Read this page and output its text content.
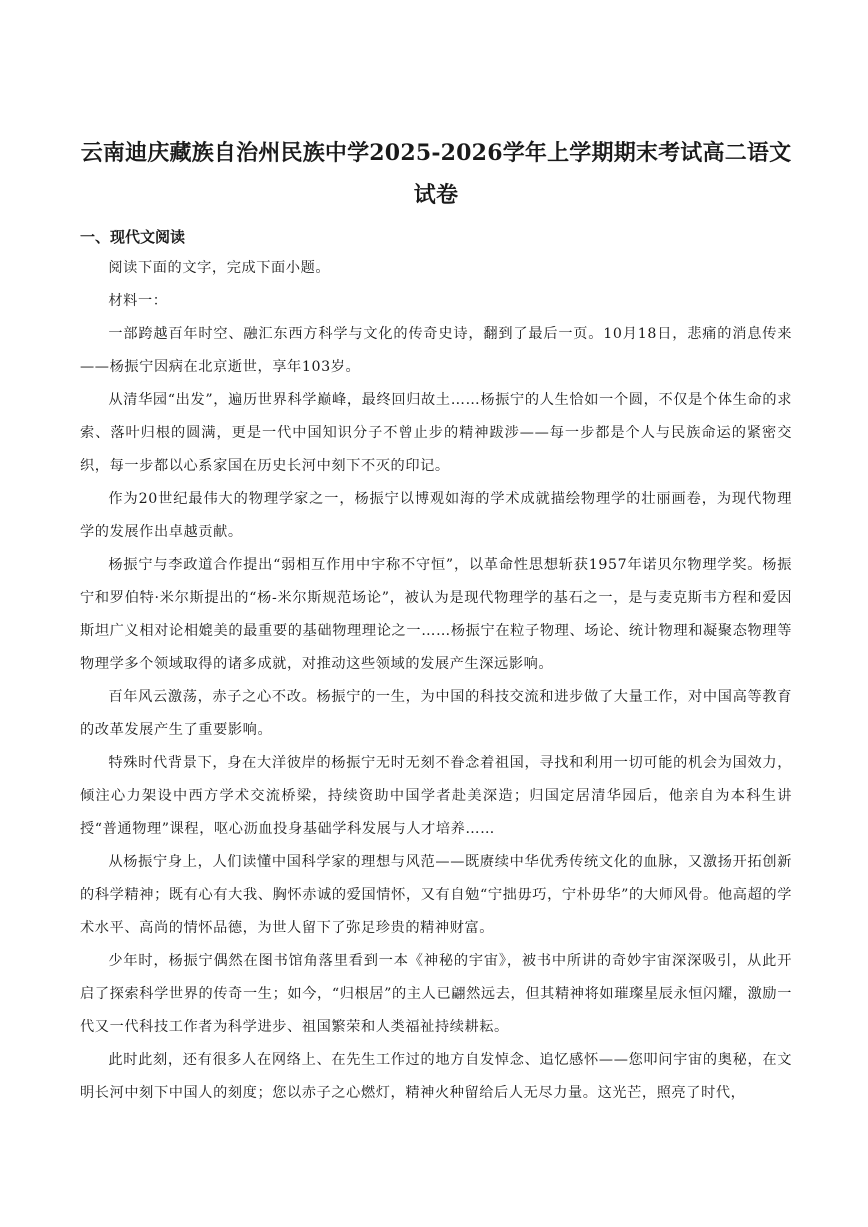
云南迪庆藏族自治州民族中学2025-2026学年上学期期末考试高二语文试卷
一、现代文阅读

阅读下面的文字，完成下面小题。

材料一：

一部跨越百年时空、融汇东西方科学与文化的传奇史诗，翻到了最后一页。10月18日，悲痛的消息传来——杨振宁因病在北京逝世，享年103岁。

从清华园“出发”，遍历世界科学巅峰，最终回归故土……杨振宁的人生恰如一个圆，不仅是个体生命的求索、落叶归根的圆满，更是一代中国知识分子不曾止步的精神跋涉——每一步都是个人与民族命运的紧密交织，每一步都以心系家国在历史长河中刻下不灭的印记。

作为20世纪最伟大的物理学家之一，杨振宁以博观如海的学术成就描绘物理学的壮丽画卷，为现代物理学的发展作出卓越贡献。

杨振宁与李政道合作提出“弱相互作用中宇称不守恒”，以革命性思想斩获1957年诺贝尔物理学奖。杨振宁和罗伯特·米尔斯提出的“杨-米尔斯规范场论”，被认为是现代物理学的基石之一，是与麦克斯韦方程和爱因斯坦广义相对论相媲美的最重要的基础物理理论之一……杨振宁在粒子物理、场论、统计物理和凝聚态物理等物理学多个领域取得的诸多成就，对推动这些领域的发展产生深远影响。

百年风云激荡，赤子之心不改。杨振宁的一生，为中国的科技交流和进步做了大量工作，对中国高等教育的改革发展产生了重要影响。

特殊时代背景下，身在大洋彼岸的杨振宁无时无刻不眷念着祖国，寻找和利用一切可能的机会为国效力，倾注心力架设中西方学术交流桥梁，持续资助中国学者赴美深造；归国定居清华园后，他亲自为本科生讲授“普通物理”课程，呕心沥血投身基础学科发展与人才培养……

从杨振宁身上，人们读懂中国科学家的理想与风范——既赓续中华优秀传统文化的血脉，又激扬开拓创新的科学精神；既有心有大我、胸怀赤诚的爱国情怀，又有自勉“宁拙毋巧，宁朴毋华”的大师风骨。他高超的学术水平、高尚的情怀品德，为世人留下了弥足珍贵的精神财富。

少年时，杨振宁偶然在图书馆角落里看到一本《神秘的宇宙》，被书中所讲的奇妙宇宙深深吸引，从此开启了探索科学世界的传奇一生；如今，“归根居”的主人已翩然远去，但其精神将如璀璨星辰永恒闪耀，激励一代又一代科技工作者为科学进步、祖国繁荣和人类福祉持续耕耘。

此时此刻，还有很多人在网络上、在先生工作过的地方自发悼念、追忆感怀——您叩问宇宙的奥秘，在文明长河中刻下中国人的刻度；您以赤子之心燃灯，精神火种留给后人无尽力量。这光芒，照亮了时代，
